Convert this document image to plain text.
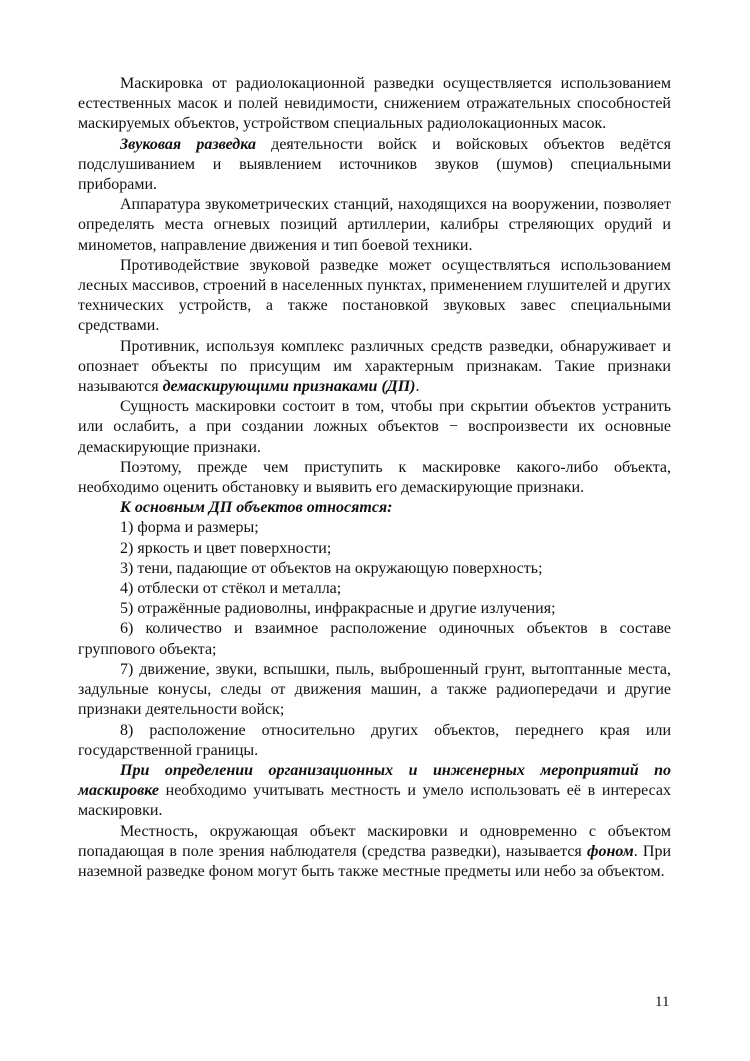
Маскировка от радиолокационной разведки осуществляется использованием естественных масок и полей невидимости, снижением отражательных способностей маскируемых объектов, устройством специальных радиолокационных масок.

Звуковая разведка деятельности войск и войсковых объектов ведётся подслушиванием и выявлением источников звуков (шумов) специальными приборами.

Аппаратура звукометрических станций, находящихся на вооружении, позволяет определять места огневых позиций артиллерии, калибры стреляющих орудий и минометов, направление движения и тип боевой техники.

Противодействие звуковой разведке может осуществляться использованием лесных массивов, строений в населенных пунктах, применением глушителей и других технических устройств, а также постановкой звуковых завес специальными средствами.

Противник, используя комплекс различных средств разведки, обнаруживает и опознает объекты по присущим им характерным признакам. Такие признаки называются демаскирующими признаками (ДП).

Сущность маскировки состоит в том, чтобы при скрытии объектов устранить или ослабить, а при создании ложных объектов − воспроизвести их основные демаскирующие признаки.

Поэтому, прежде чем приступить к маскировке какого-либо объекта, необходимо оценить обстановку и выявить его демаскирующие признаки.

К основным ДП объектов относятся:

1) форма и размеры;

2) яркость и цвет поверхности;

3) тени, падающие от объектов на окружающую поверхность;

4) отблески от стёкол и металла;

5) отражённые радиоволны, инфракрасные и другие излучения;

6) количество и взаимное расположение одиночных объектов в составе группового объекта;

7) движение, звуки, вспышки, пыль, выброшенный грунт, вытоптанные места, задульные конусы, следы от движения машин, а также радиопередачи и другие признаки деятельности войск;

8) расположение относительно других объектов, переднего края или государственной границы.

При определении организационных и инженерных мероприятий по маскировке необходимо учитывать местность и умело использовать её в интересах маскировки.

Местность, окружающая объект маскировки и одновременно с объектом попадающая в поле зрения наблюдателя (средства разведки), называется фоном. При наземной разведке фоном могут быть также местные предметы или небо за объектом.

11
